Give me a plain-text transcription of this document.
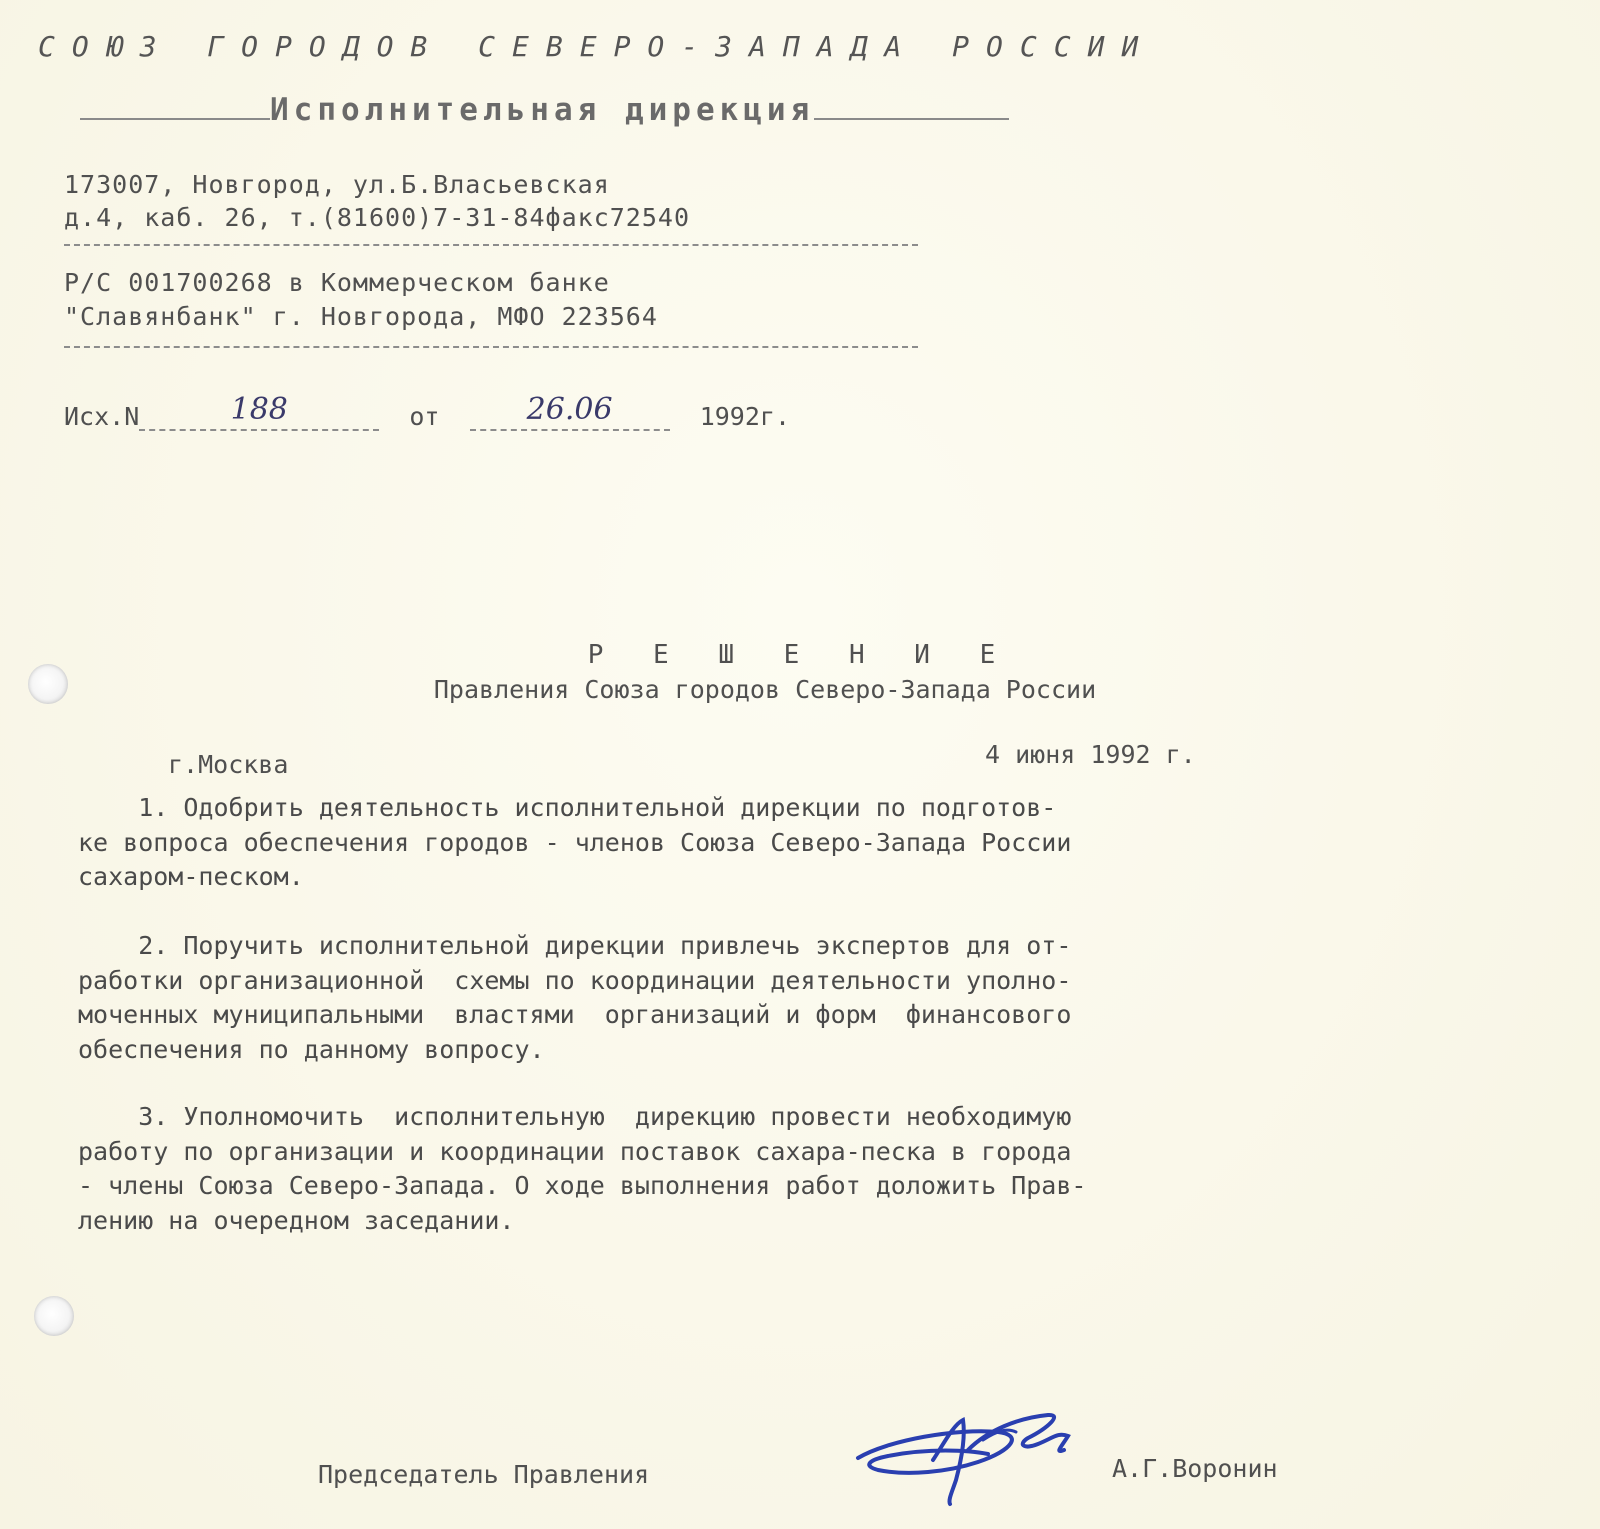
СОЮЗ ГОРОДОВ СЕВЕРО-ЗАПАДА РОССИИ
Исполнительная дирекция
173007, Новгород, ул.Б.Власьевская
д.4, каб. 26, т.(81600)7-31-84факс72540
Р/С 001700268 в Коммерческом банке
"Славянбанк" г. Новгорода, МФО 223564
Исх.N	188	от	26.06	1992г.
Р Е Ш Е Н И Е
Правления Союза городов Северо-Запада России
г.Москва	4 июня 1992 г.
1. Одобрить деятельность исполнительной дирекции по подготов-
ке вопроса обеспечения городов - членов Союза Северо-Запада России
сахаром-песком.
2. Поручить исполнительной дирекции привлечь экспертов для от-
работки организационной  схемы по координации деятельности уполно-
моченных муниципальными  властями  организаций и форм  финансового
обеспечения по данному вопросу.
3. Уполномочить  исполнительную  дирекцию провести необходимую
работу по организации и координации поставок сахара-песка в города
- члены Союза Северо-Запада. О ходе выполнения работ доложить Прав-
лению на очередном заседании.
Председатель Правления	А.Г.Воронин
